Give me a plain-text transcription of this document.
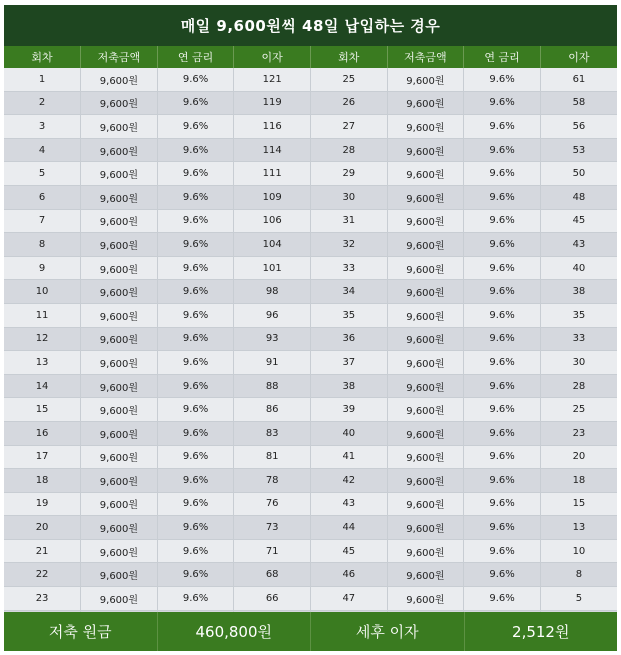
매일 9,600원씩 48일 납입하는 경우
회차	저축금액	연 금리	이자	회차	저축금액	연 금리	이자
1	9,600원	9.6%	121	25	9,600원	9.6%	61
2	9,600원	9.6%	119	26	9,600원	9.6%	58
3	9,600원	9.6%	116	27	9,600원	9.6%	56
4	9,600원	9.6%	114	28	9,600원	9.6%	53
5	9,600원	9.6%	111	29	9,600원	9.6%	50
6	9,600원	9.6%	109	30	9,600원	9.6%	48
7	9,600원	9.6%	106	31	9,600원	9.6%	45
8	9,600원	9.6%	104	32	9,600원	9.6%	43
9	9,600원	9.6%	101	33	9,600원	9.6%	40
10	9,600원	9.6%	98	34	9,600원	9.6%	38
11	9,600원	9.6%	96	35	9,600원	9.6%	35
12	9,600원	9.6%	93	36	9,600원	9.6%	33
13	9,600원	9.6%	91	37	9,600원	9.6%	30
14	9,600원	9.6%	88	38	9,600원	9.6%	28
15	9,600원	9.6%	86	39	9,600원	9.6%	25
16	9,600원	9.6%	83	40	9,600원	9.6%	23
17	9,600원	9.6%	81	41	9,600원	9.6%	20
18	9,600원	9.6%	78	42	9,600원	9.6%	18
19	9,600원	9.6%	76	43	9,600원	9.6%	15
20	9,600원	9.6%	73	44	9,600원	9.6%	13
21	9,600원	9.6%	71	45	9,600원	9.6%	10
22	9,600원	9.6%	68	46	9,600원	9.6%	8
23	9,600원	9.6%	66	47	9,600원	9.6%	5

저축 원금	460,800원	세후 이자	2,512원
